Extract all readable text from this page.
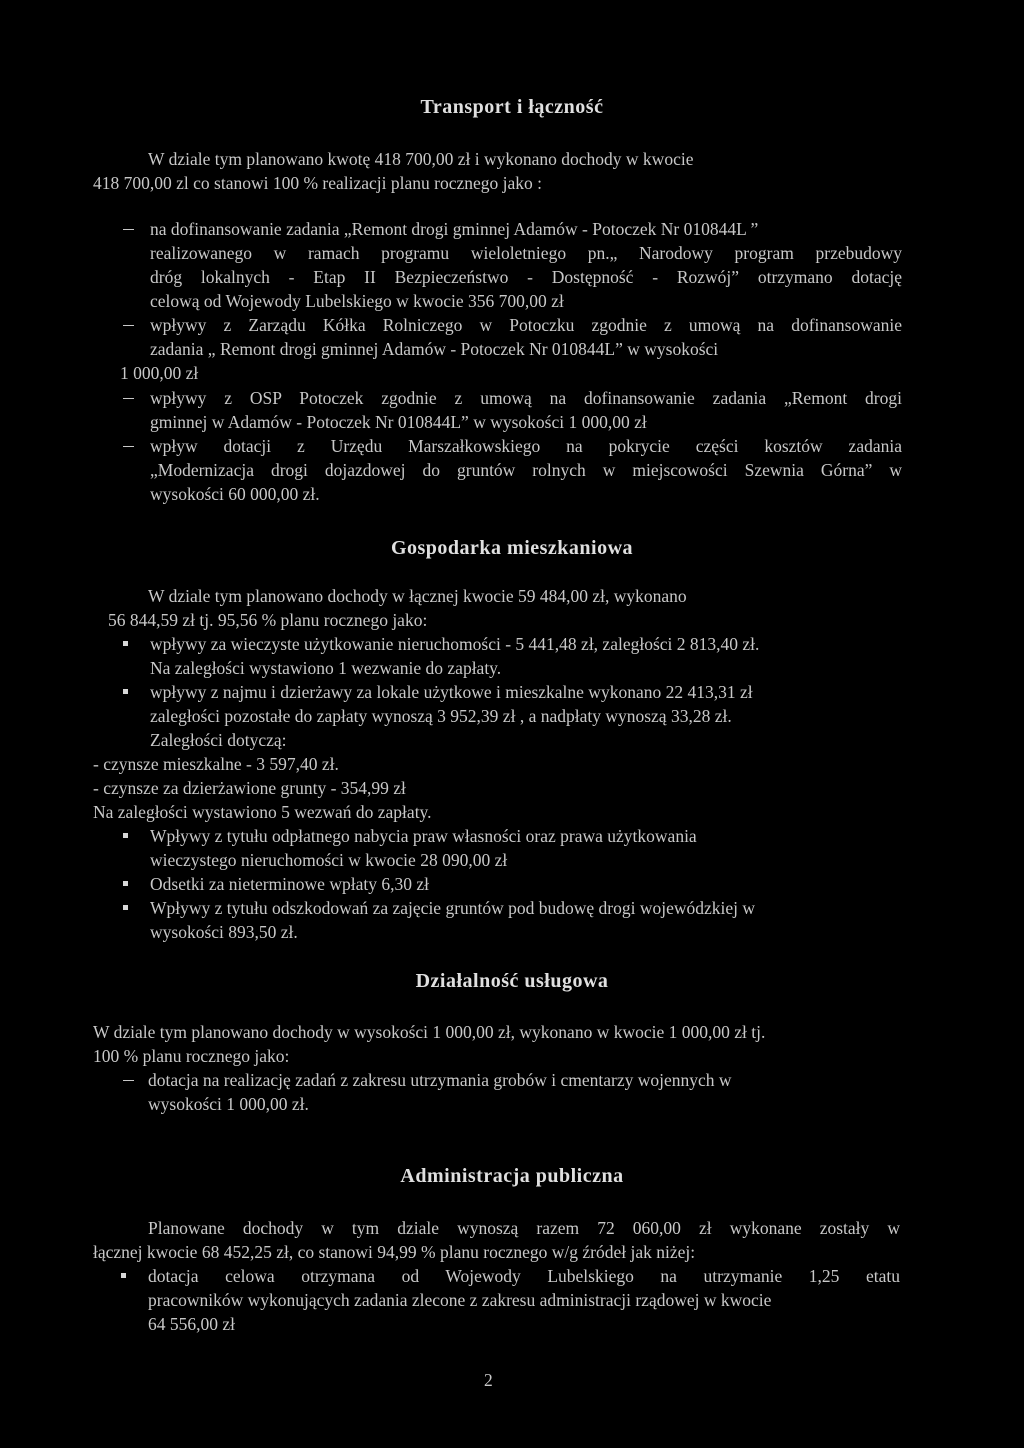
Transport i łączność
W dziale tym planowano kwotę 418 700,00 zł i wykonano dochody w kwocie
418 700,00 zl co stanowi 100 % realizacji planu rocznego jako :
na dofinansowanie zadania „Remont drogi gminnej Adamów - Potoczek Nr 010844L ”
realizowanego w ramach programu wieloletniego pn.„ Narodowy program przebudowy
dróg lokalnych - Etap II Bezpieczeństwo - Dostępność - Rozwój” otrzymano dotację
celową od Wojewody Lubelskiego w kwocie 356 700,00 zł
wpływy z Zarządu Kółka Rolniczego w Potoczku zgodnie z umową na dofinansowanie
zadania „ Remont drogi gminnej Adamów - Potoczek Nr 010844L” w wysokości
1 000,00 zł
wpływy z OSP Potoczek zgodnie z umową na dofinansowanie zadania „Remont drogi
gminnej w Adamów - Potoczek Nr 010844L” w wysokości 1 000,00 zł
wpływ dotacji z Urzędu Marszałkowskiego na pokrycie części kosztów zadania
„Modernizacja drogi dojazdowej do gruntów rolnych w miejscowości Szewnia Górna” w
wysokości 60 000,00 zł.
Gospodarka mieszkaniowa
W dziale tym planowano dochody w łącznej kwocie 59 484,00 zł, wykonano
56 844,59 zł tj. 95,56 % planu rocznego jako:
wpływy za wieczyste użytkowanie nieruchomości - 5 441,48 zł, zaległości 2 813,40 zł.
Na zaległości wystawiono 1 wezwanie do zapłaty.
wpływy z najmu i dzierżawy za lokale użytkowe i mieszkalne wykonano 22 413,31 zł
zaległości pozostałe do zapłaty wynoszą 3 952,39 zł , a nadpłaty wynoszą 33,28 zł.
Zaległości dotyczą:
- czynsze mieszkalne - 3 597,40 zł.
- czynsze za dzierżawione grunty - 354,99 zł
Na zaległości wystawiono 5 wezwań do zapłaty.
Wpływy z tytułu odpłatnego nabycia praw własności oraz prawa użytkowania
wieczystego nieruchomości w kwocie 28 090,00 zł
Odsetki za nieterminowe wpłaty 6,30 zł
Wpływy z tytułu odszkodowań za zajęcie gruntów pod budowę drogi wojewódzkiej w
wysokości 893,50 zł.
Działalność usługowa
W dziale tym planowano dochody w wysokości 1 000,00 zł, wykonano w kwocie 1 000,00 zł tj.
100 % planu rocznego jako:
dotacja na realizację zadań z zakresu utrzymania grobów i cmentarzy wojennych w
wysokości 1 000,00 zł.
Administracja publiczna
Planowane dochody w tym dziale wynoszą razem 72 060,00 zł wykonane zostały w
łącznej kwocie 68 452,25 zł, co stanowi 94,99 % planu rocznego w/g źródeł jak niżej:
dotacja celowa otrzymana od Wojewody Lubelskiego na utrzymanie 1,25 etatu
pracowników wykonujących zadania zlecone z zakresu administracji rządowej w kwocie
64 556,00 zł
2
